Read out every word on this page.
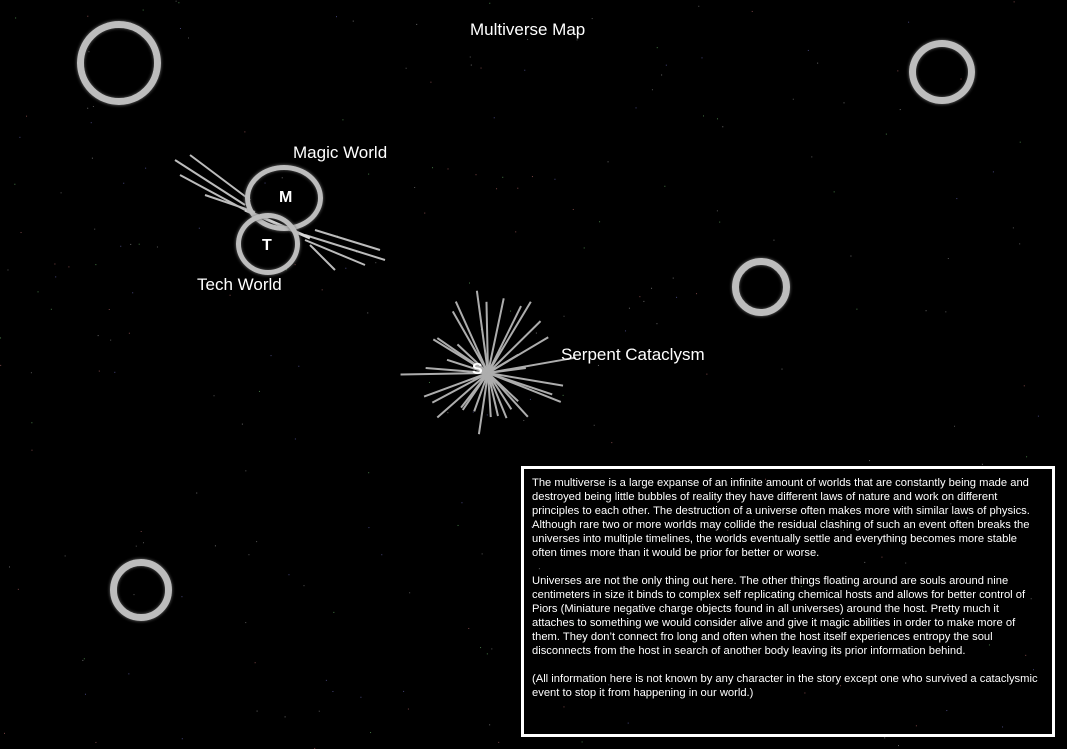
Multiverse Map
M
T
Magic World
Tech World
S
Serpent Cataclysm

The multiverse is a large expanse of an infinite amount of worlds that are constantly being made and destroyed being little bubbles of reality they have different laws of nature and work on different principles to each other. The destruction of a universe often makes more with similar laws of physics. Although rare two or more worlds may collide the residual clashing of such an event often breaks the universes into multiple timelines, the worlds eventually settle and everything becomes more stable often times more than it would be prior for better or worse.

Universes are not the only thing out here. The other things floating around are souls around nine centimeters in size it binds to complex self replicating chemical hosts and allows for better control of Piors (Miniature negative charge objects found in all universes) around the host. Pretty much it attaches to something we would consider alive and give it magic abilities in order to make more of them. They don’t connect fro long and often when the host itself experiences entropy the soul disconnects from the host in search of another body leaving its prior information behind.

(All information here is not known by any character in the story except one who survived a cataclysmic event to stop it from happening in our world.)
